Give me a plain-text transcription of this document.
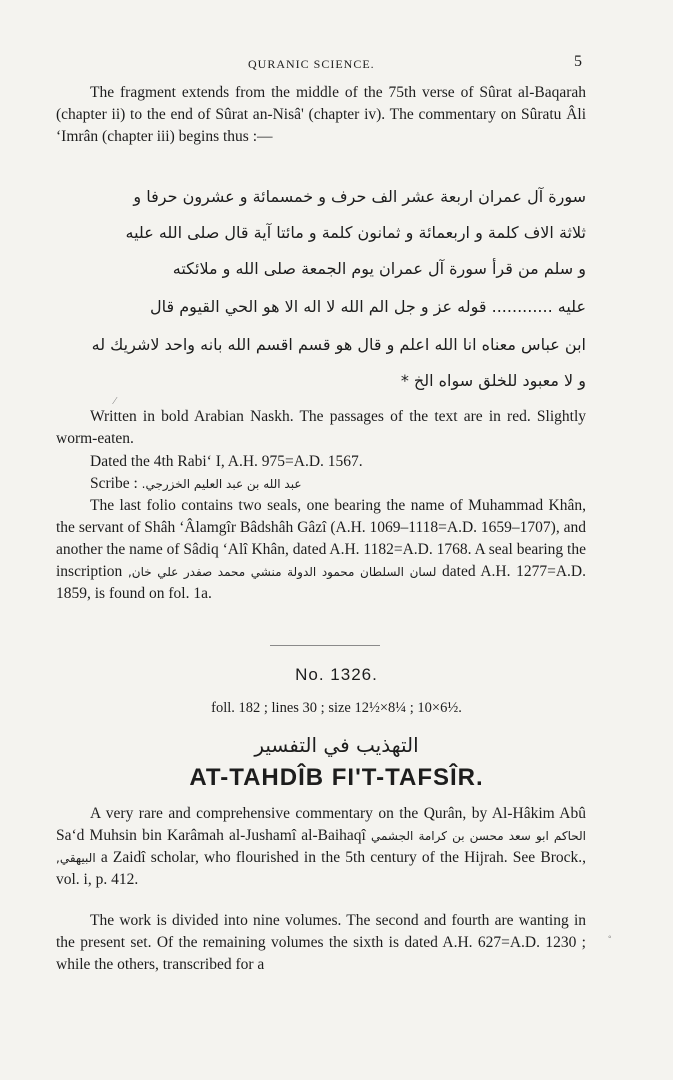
QURANIC SCIENCE.	5

The fragment extends from the middle of the 75th verse of Sûrat al-Baqarah (chapter ii) to the end of Sûrat an-Nisâ' (chapter iv). The commentary on Sûratu Âli ‘Imrân (chapter iii) begins thus :—

سورة آل عمران اربعة عشر الف حرف و خمسمائة و عشرون حرفا و
ثلاثة الاف كلمة و اربعمائة و ثمانون كلمة و مائتا آية قال صلى الله عليه
و سلم من قرأ سورة آل عمران يوم الجمعة صلى الله و ملائكته
عليه ............ قوله عز و جل الم الله لا اله الا هو الحي القيوم قال
ابن عباس معناه انا الله اعلم و قال هو قسم اقسم الله بانه واحد لاشريك له
و لا معبود للخلق سواه الخ *

Written in bold Arabian Naskh. The passages of the text are in red. Slightly worm-eaten.

Dated the 4th Rabi‘ I, A.H. 975=A.D. 1567.

Scribe : عبد الله بن عبد العليم الخزرجي.

The last folio contains two seals, one bearing the name of Muhammad Khân, the servant of Shâh ‘Âlamgîr Bâdshâh Gâzî (A.H. 1069–1118=A.D. 1659–1707), and another the name of Sâdiq ‘Alî Khân, dated A.H. 1182=A.D. 1768. A seal bearing the inscription لسان السلطان محمود الدولة منشي محمد صفدر علي خان, dated A.H. 1277=A.D. 1859, is found on fol. 1a.

No. 1326.
foll. 182 ; lines 30 ; size 12½×8¼ ; 10×6½.
التهذيب في التفسير
AT-TAHDÎB FI'T-TAFSÎR.

A very rare and comprehensive commentary on the Qurân, by Al-Hâkim Abû Sa‘d Muhsin bin Karâmah al-Jushamî al-Baihaqî الحاكم ابو سعد محسن بن كرامة الجشمي البيهقي, a Zaidî scholar, who flourished in the 5th century of the Hijrah. See Brock., vol. i, p. 412.

The work is divided into nine volumes. The second and fourth are wanting in the present set. Of the remaining volumes the sixth is dated A.H. 627=A.D. 1230 ; while the others, transcribed for a

⁄
◦
